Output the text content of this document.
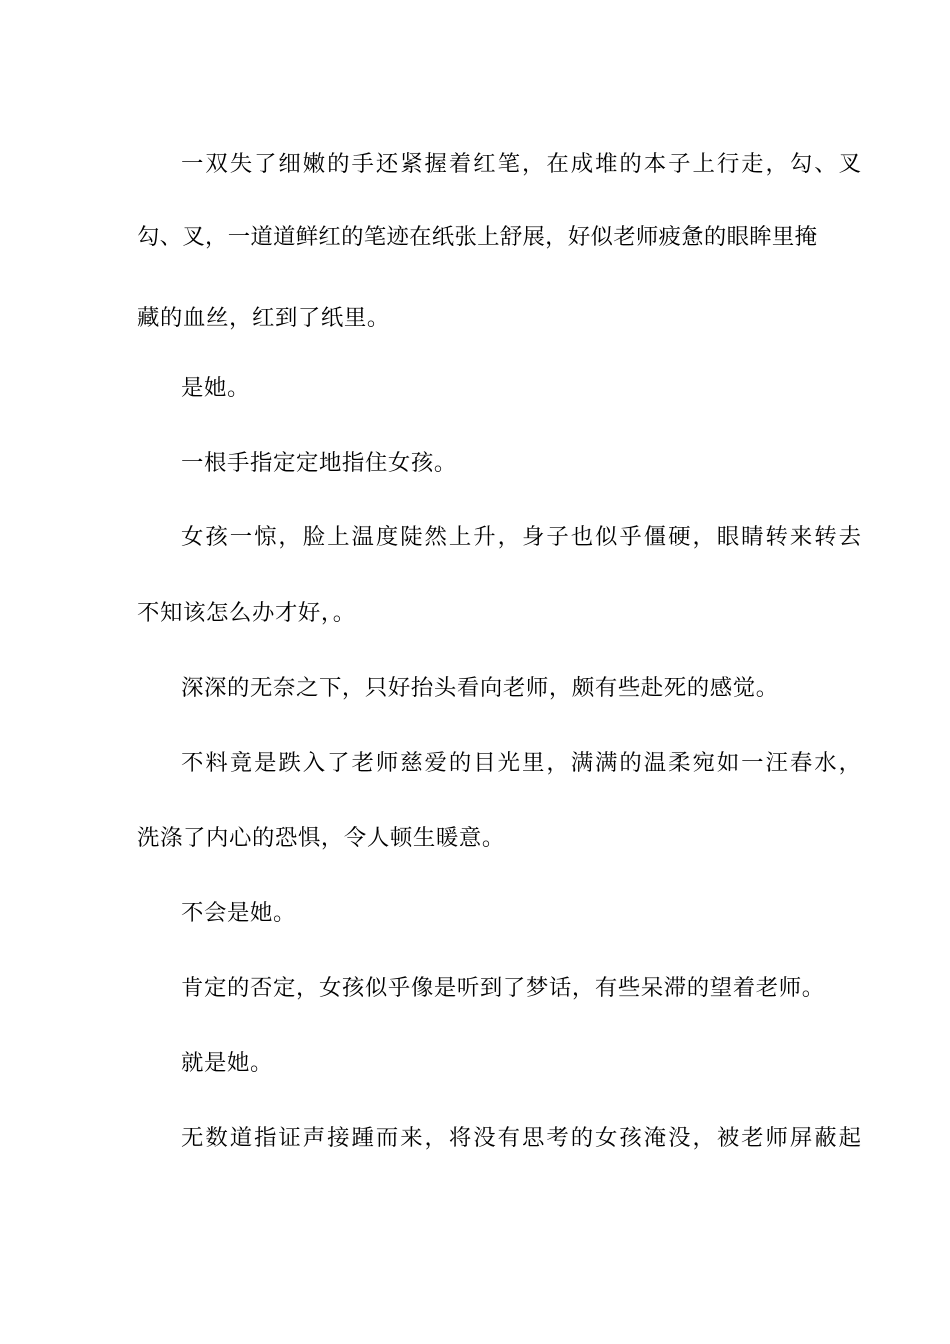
一双失了细嫩的手还紧握着红笔，在成堆的本子上行走，勾、叉
勾、叉，一道道鲜红的笔迹在纸张上舒展，好似老师疲惫的眼眸里掩
藏的血丝，红到了纸里。
是她。
一根手指定定地指住女孩。
女孩一惊，脸上温度陡然上升，身子也似乎僵硬，眼睛转来转去
不知该怎么办才好，。
深深的无奈之下，只好抬头看向老师，颇有些赴死的感觉。
不料竟是跌入了老师慈爱的目光里，满满的温柔宛如一汪春水，
洗涤了内心的恐惧，令人顿生暖意。
不会是她。
肯定的否定，女孩似乎像是听到了梦话，有些呆滞的望着老师。
就是她。
无数道指证声接踵而来，将没有思考的女孩淹没，被老师屏蔽起
